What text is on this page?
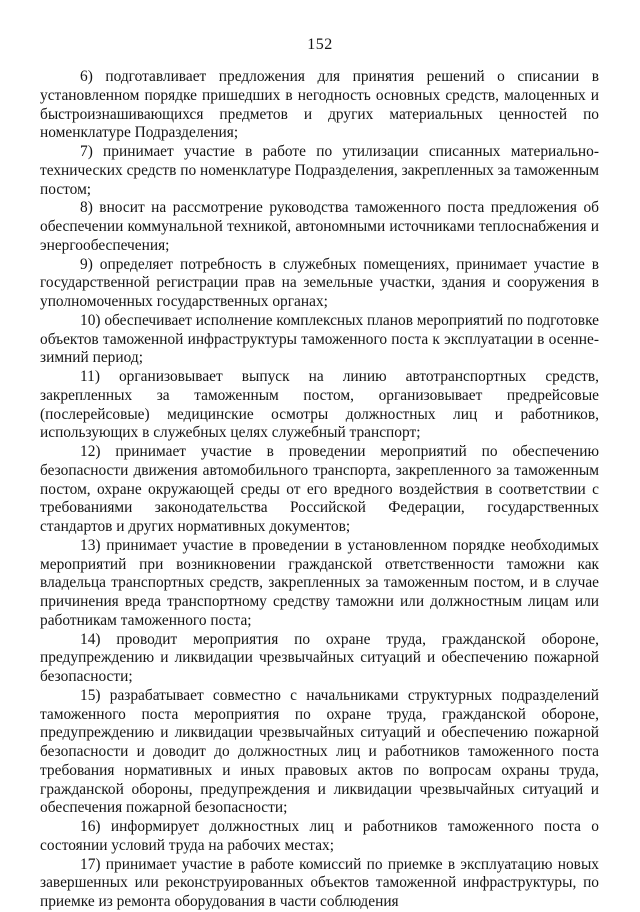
152

6) подготавливает предложения для принятия решений о списании в установленном порядке пришедших в негодность основных средств, малоценных и быстроизнашивающихся предметов и других материальных ценностей по номенклатуре Подразделения;

7) принимает участие в работе по утилизации списанных материально-технических средств по номенклатуре Подразделения, закрепленных за таможенным постом;

8) вносит на рассмотрение руководства таможенного поста предложения об обеспечении коммунальной техникой, автономными источниками теплоснабжения и энергообеспечения;

9) определяет потребность в служебных помещениях, принимает участие в государственной регистрации прав на земельные участки, здания и сооружения в уполномоченных государственных органах;

10) обеспечивает исполнение комплексных планов мероприятий по подготовке объектов таможенной инфраструктуры таможенного поста к эксплуатации в осенне-зимний период;

11) организовывает выпуск на линию автотранспортных средств, закрепленных за таможенным постом, организовывает предрейсовые (послерейсовые) медицинские осмотры должностных лиц и работников, использующих в служебных целях служебный транспорт;

12) принимает участие в проведении мероприятий по обеспечению безопасности движения автомобильного транспорта, закрепленного за таможенным постом, охране окружающей среды от его вредного воздействия в соответствии с требованиями законодательства Российской Федерации, государственных стандартов и других нормативных документов;

13) принимает участие в проведении в установленном порядке необходимых мероприятий при возникновении гражданской ответственности таможни как владельца транспортных средств, закрепленных за таможенным постом, и в случае причинения вреда транспортному средству таможни или должностным лицам или работникам таможенного поста;

14) проводит мероприятия по охране труда, гражданской обороне, предупреждению и ликвидации чрезвычайных ситуаций и обеспечению пожарной безопасности;

15) разрабатывает совместно с начальниками структурных подразделений таможенного поста мероприятия по охране труда, гражданской обороне, предупреждению и ликвидации чрезвычайных ситуаций и обеспечению пожарной безопасности и доводит до должностных лиц и работников таможенного поста требования нормативных и иных правовых актов по вопросам охраны труда, гражданской обороны, предупреждения и ликвидации чрезвычайных ситуаций и обеспечения пожарной безопасности;

16) информирует должностных лиц и работников таможенного поста о состоянии условий труда на рабочих местах;

17) принимает участие в работе комиссий по приемке в эксплуатацию новых завершенных или реконструированных объектов таможенной инфраструктуры, по приемке из ремонта оборудования в части соблюдения
